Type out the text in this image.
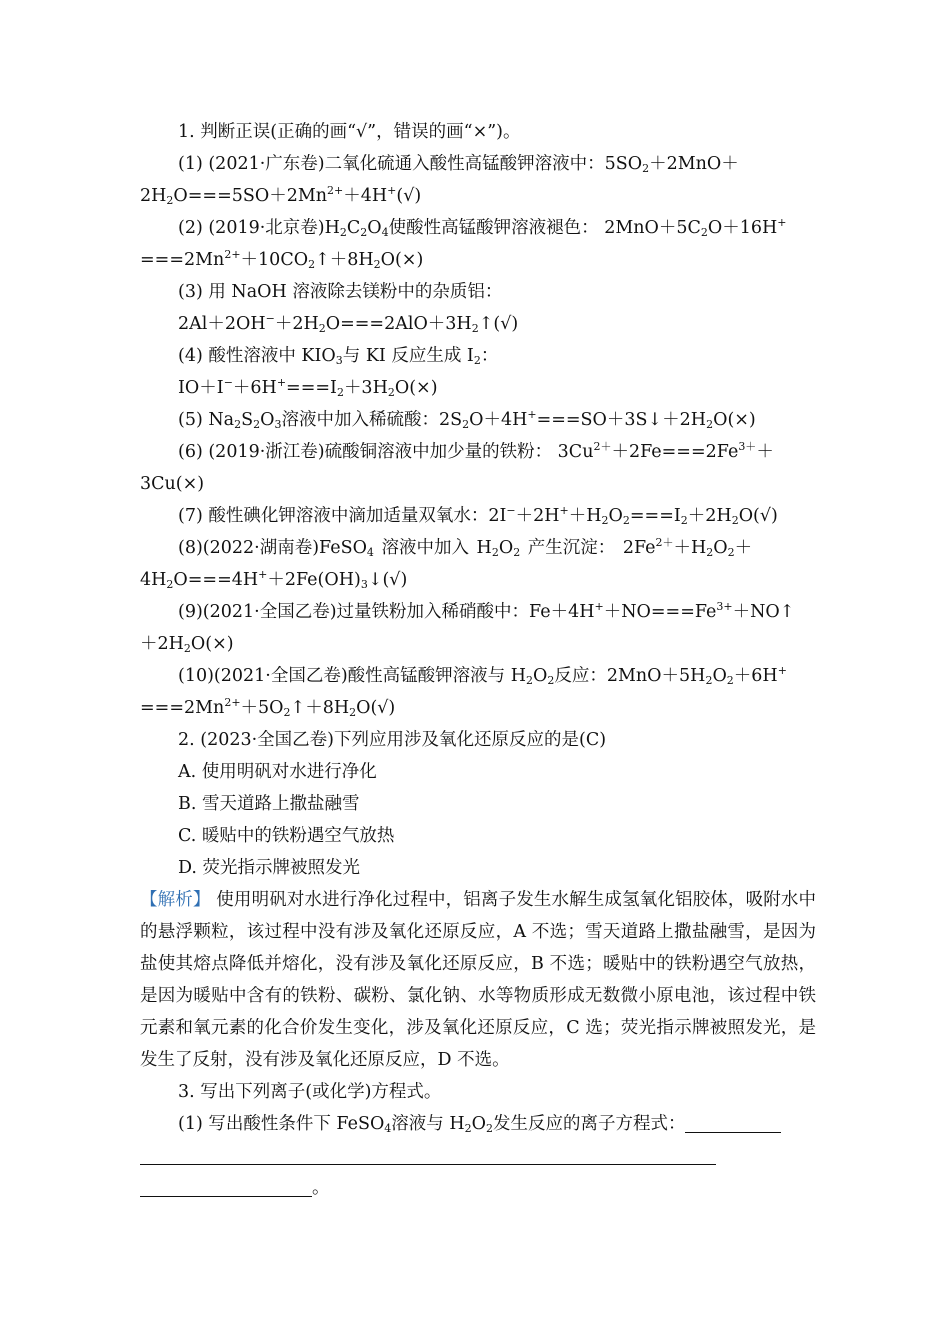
1. 判断正误(正确的画“√”，错误的画“×”)。

(1) (2021·广东卷)二氧化硫通入酸性高锰酸钾溶液中：$5SO_2+2MnO+$

$2H_2O===5SO+2Mn^{2+}+4H^+(√)$

(2) (2019·北京卷)$H_2C_2O_4$使酸性高锰酸钾溶液褪色： $2MnO+5C_2O+16H^+$

$===2Mn^{2+}+10CO_2↑+8H_2O(\times)$

(3) 用 NaOH 溶液除去镁粉中的杂质铝：

$2Al+2OH^-+2H_2O===2AlO+3H_2↑(√)$

(4) 酸性溶液中 $KIO_3$与 KI 反应生成 $I_2$：

$IO+I^-+6H^+===I_2+3H_2O(\times)$

(5) $Na_2S_2O_3$溶液中加入稀硫酸：$2S_2O+4H^+===SO+3S↓+2H_2O(\times)$

(6) (2019·浙江卷)硫酸铜溶液中加少量的铁粉： $3Cu^{2+}+2Fe===2Fe^{3+}+$

3Cu(×)

(7) 酸性碘化钾溶液中滴加适量双氧水：$2I^-+2H^++H_2O_2===I_2+2H_2O(√)$

(8)(2022·湖南卷)FeSO$_4$ 溶液中加入 $H_2O_2$ 产生沉淀： $2Fe^{2+}+H_2O_2+$

$4H_2O===4H^++2Fe(OH)_3↓(√)$

(9)(2021·全国乙卷)过量铁粉加入稀硝酸中：$Fe+4H^++NO===Fe^{3+}+NO↑$

$+2H_2O(\times)$

(10)(2021·全国乙卷)酸性高锰酸钾溶液与 $H_2O_2$反应：$2MnO+5H_2O_2+6H^+$

$===2Mn^{2+}+5O_2↑+8H_2O(√)$

2. (2023·全国乙卷)下列应用涉及氧化还原反应的是(C)

A. 使用明矾对水进行净化

B. 雪天道路上撒盐融雪

C. 暖贴中的铁粉遇空气放热

D. 荧光指示牌被照发光

【解析】 使用明矾对水进行净化过程中，铝离子发生水解生成氢氧化铝胶体，吸附水中的悬浮颗粒，该过程中没有涉及氧化还原反应，A 不选；雪天道路上撒盐融雪，是因为盐使其熔点降低并熔化，没有涉及氧化还原反应，B 不选；暖贴中的铁粉遇空气放热，是因为暖贴中含有的铁粉、碳粉、氯化钠、水等物质形成无数微小原电池，该过程中铁元素和氧元素的化合价发生变化，涉及氧化还原反应，C 选；荧光指示牌被照发光，是发生了反射，没有涉及氧化还原反应，D 不选。

3. 写出下列离子(或化学)方程式。

(1) 写出酸性条件下 FeSO$_4$溶液与 $H_2O_2$发生反应的离子方程式：

。
